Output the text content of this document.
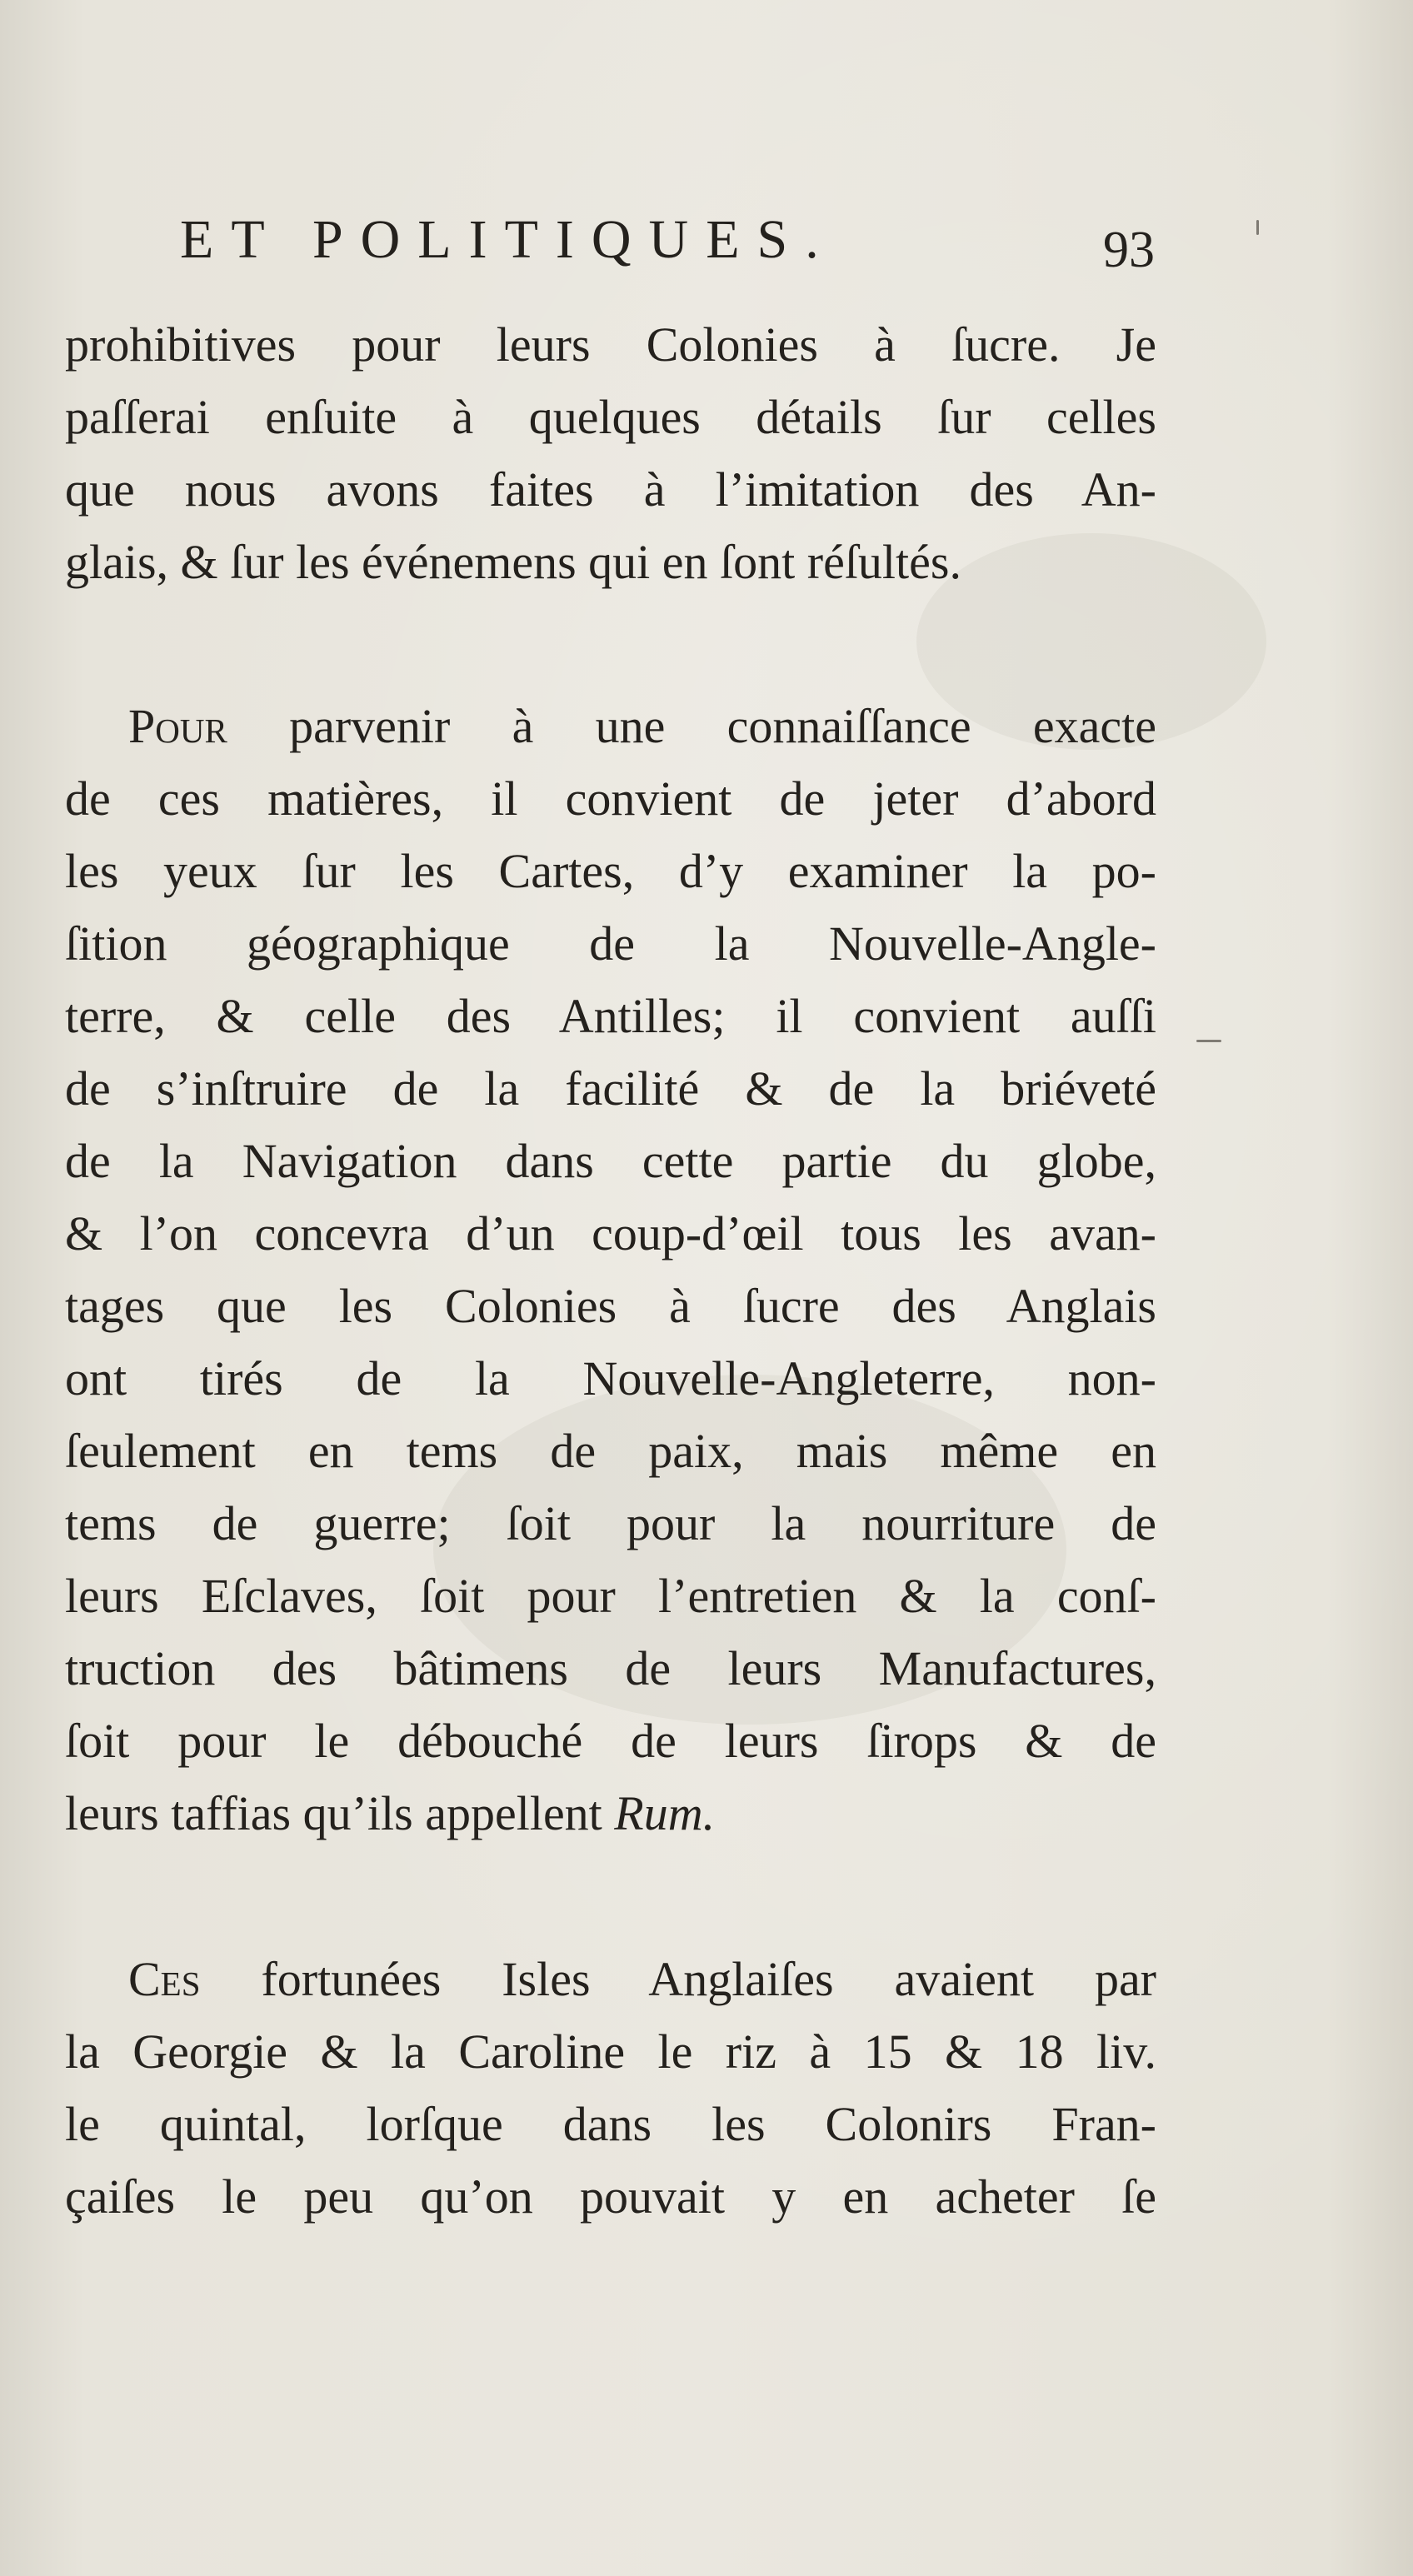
ET POLITIQUES.	93
prohibitives pour leurs Colonies à ſucre. Je
paſſerai enſuite à quelques détails ſur celles
que nous avons faites à l’imitation des An-
glais, & ſur les événemens qui en ſont réſultés.
Pour parvenir à une connaiſſance exacte
de ces matières, il convient de jeter d’abord
les yeux ſur les Cartes, d’y examiner la po-
ſition géographique de la Nouvelle-Angle-
terre, & celle des Antilles; il convient auſſi
de s’inſtruire de la facilité & de la briéveté
de la Navigation dans cette partie du globe,
& l’on concevra d’un coup-d’œil tous les avan-
tages que les Colonies à ſucre des Anglais
ont tirés de la Nouvelle-Angleterre, non-
ſeulement en tems de paix, mais même en
tems de guerre; ſoit pour la nourriture de
leurs Eſclaves, ſoit pour l’entretien & la conſ-
truction des bâtimens de leurs Manufactures,
ſoit pour le débouché de leurs ſirops & de
leurs taffias qu’ils appellent Rum.
Ces fortunées Isles Anglaiſes avaient par
la Georgie & la Caroline le riz à 15 & 18 liv.
le quintal, lorſque dans les Colonirs Fran-
çaiſes le peu qu’on pouvait y en acheter ſe
